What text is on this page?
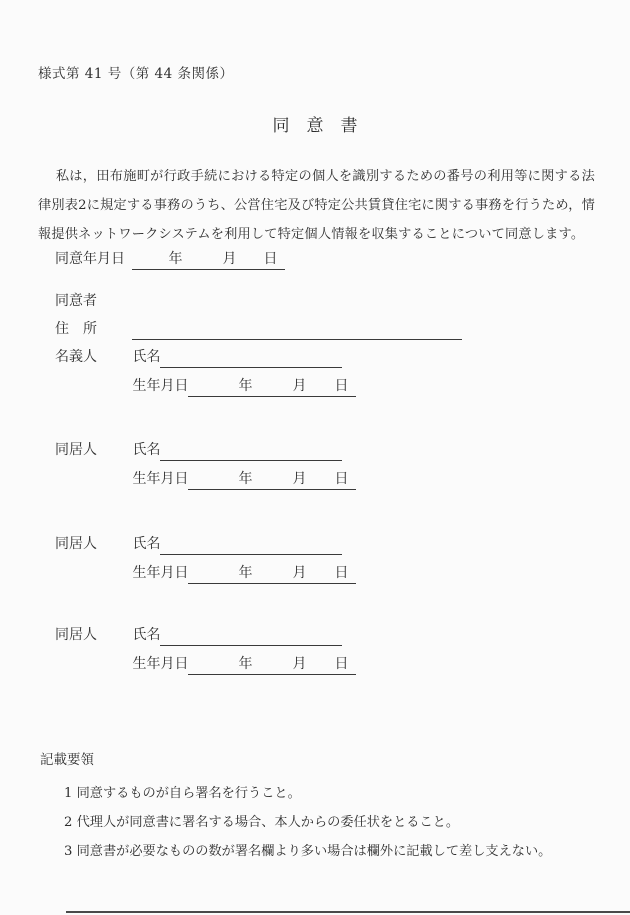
様式第 41 号（第 44 条関係）
同　意　書

私は，田布施町が行政手続における特定の個人を識別するための番号の利用等に関する法律別表2に規定する事務のうち、公営住宅及び特定公共賃貸住宅に関する事務を行うため，情報提供ネットワークシステムを利用して特定個人情報を収集することについて同意します。

同意年月日	年	月 日
同意者
住　所
名義人	氏名
生年月日	年	月 日
同居人	氏名
生年月日	年	月 日
同居人	氏名
生年月日	年	月 日
同居人	氏名
生年月日	年	月 日
記載要領
1 同意するものが自ら署名を行うこと。
2 代理人が同意書に署名する場合、本人からの委任状をとること。
3 同意書が必要なものの数が署名欄より多い場合は欄外に記載して差し支えない。
